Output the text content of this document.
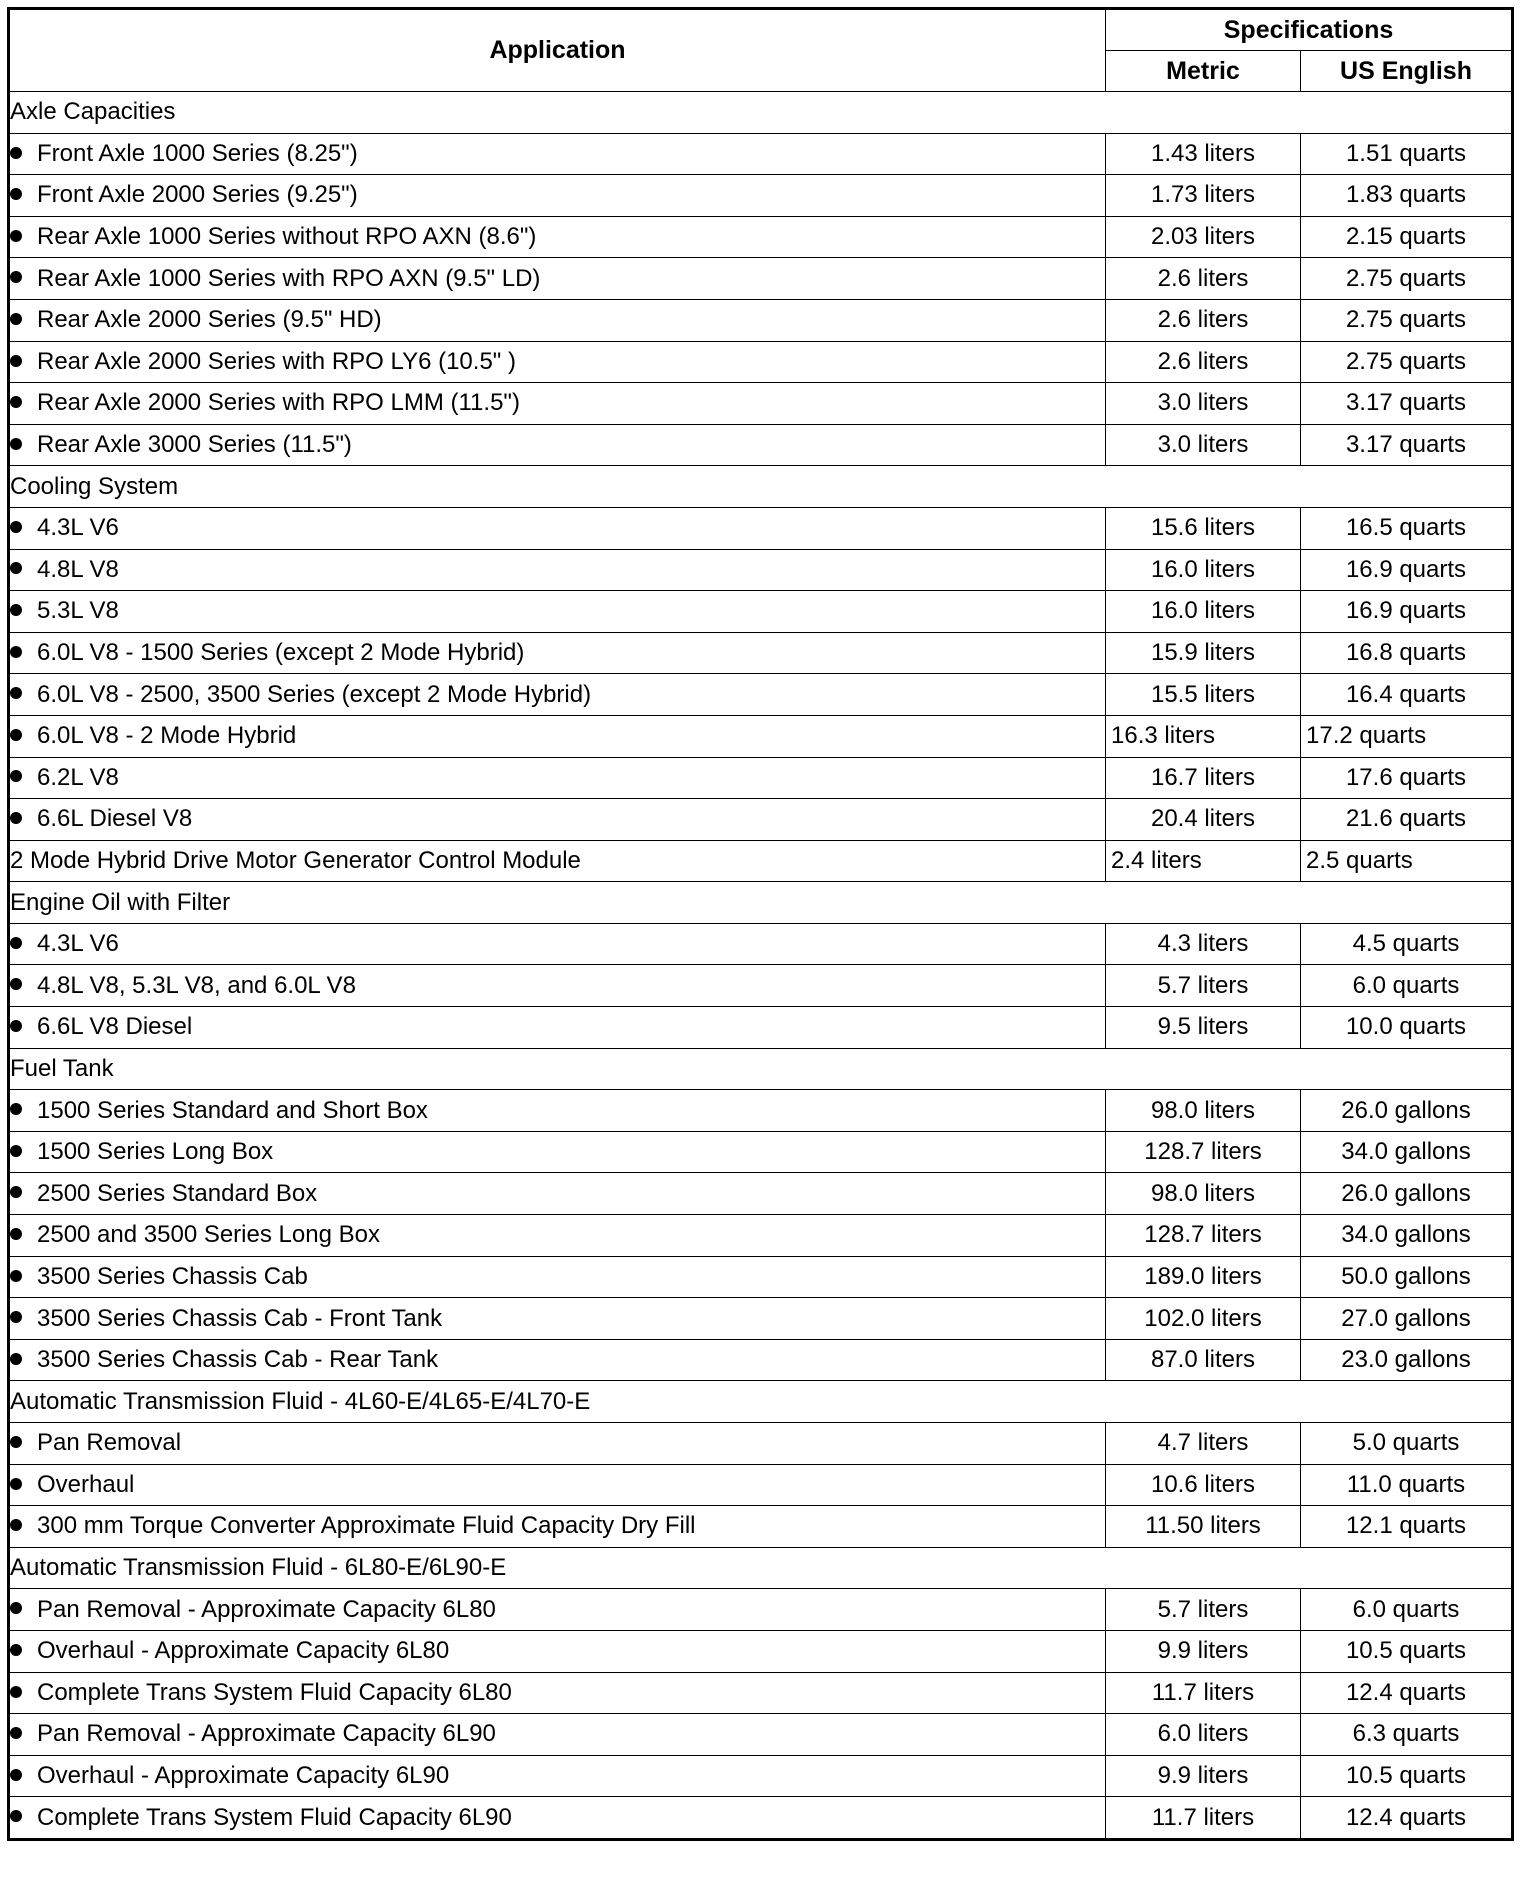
Application	Specifications	
	Metric	US English
Axle Capacities		
Front Axle 1000 Series (8.25")	1.43 liters	1.51 quarts
Front Axle 2000 Series (9.25")	1.73 liters	1.83 quarts
Rear Axle 1000 Series without RPO AXN (8.6")	2.03 liters	2.15 quarts
Rear Axle 1000 Series with RPO AXN (9.5" LD)	2.6 liters	2.75 quarts
Rear Axle 2000 Series (9.5" HD)	2.6 liters	2.75 quarts
Rear Axle 2000 Series with RPO LY6 (10.5" )	2.6 liters	2.75 quarts
Rear Axle 2000 Series with RPO LMM (11.5")	3.0 liters	3.17 quarts
Rear Axle 3000 Series (11.5")	3.0 liters	3.17 quarts
Cooling System		
4.3L V6	15.6 liters	16.5 quarts
4.8L V8	16.0 liters	16.9 quarts
5.3L V8	16.0 liters	16.9 quarts
6.0L V8 - 1500 Series (except 2 Mode Hybrid)	15.9 liters	16.8 quarts
6.0L V8 - 2500, 3500 Series (except 2 Mode Hybrid)	15.5 liters	16.4 quarts
6.0L V8 - 2 Mode Hybrid	16.3 liters	17.2 quarts
6.2L V8	16.7 liters	17.6 quarts
6.6L Diesel V8	20.4 liters	21.6 quarts
2 Mode Hybrid Drive Motor Generator Control Module	2.4 liters	2.5 quarts
Engine Oil with Filter		
4.3L V6	4.3 liters	4.5 quarts
4.8L V8, 5.3L V8, and 6.0L V8	5.7 liters	6.0 quarts
6.6L V8 Diesel	9.5 liters	10.0 quarts
Fuel Tank		
1500 Series Standard and Short Box	98.0 liters	26.0 gallons
1500 Series Long Box	128.7 liters	34.0 gallons
2500 Series Standard Box	98.0 liters	26.0 gallons
2500 and 3500 Series Long Box	128.7 liters	34.0 gallons
3500 Series Chassis Cab	189.0 liters	50.0 gallons
3500 Series Chassis Cab - Front Tank	102.0 liters	27.0 gallons
3500 Series Chassis Cab - Rear Tank	87.0 liters	23.0 gallons
Automatic Transmission Fluid - 4L60-E/4L65-E/4L70-E		
Pan Removal	4.7 liters	5.0 quarts
Overhaul	10.6 liters	11.0 quarts
300 mm Torque Converter Approximate Fluid Capacity Dry Fill	11.50 liters	12.1 quarts
Automatic Transmission Fluid - 6L80-E/6L90-E		
Pan Removal - Approximate Capacity 6L80	5.7 liters	6.0 quarts
Overhaul - Approximate Capacity 6L80	9.9 liters	10.5 quarts
Complete Trans System Fluid Capacity 6L80	11.7 liters	12.4 quarts
Pan Removal - Approximate Capacity 6L90	6.0 liters	6.3 quarts
Overhaul - Approximate Capacity 6L90	9.9 liters	10.5 quarts
Complete Trans System Fluid Capacity 6L90	11.7 liters	12.4 quarts
